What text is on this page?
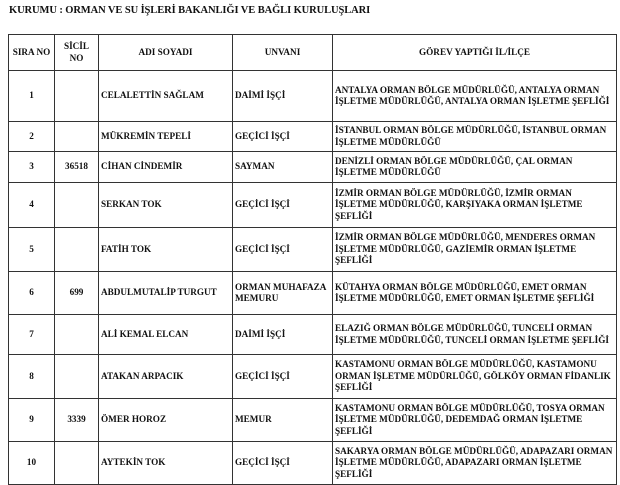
KURUMU : ORMAN VE SU İŞLERİ BAKANLIĞI VE BAĞLI KURULUŞLARI
SIRA NO	SİCİL NO	ADI SOYADI	UNVANI	GÖREV YAPTIĞI İL/İLÇE
1		CELALETTİN SAĞLAM	DAİMİ İŞÇİ	ANTALYA ORMAN BÖLGE MÜDÜRLÜĞÜ, ANTALYA ORMAN İŞLETME MÜDÜRLÜĞÜ, ANTALYA ORMAN İŞLETME ŞEFLİĞİ
2		MÜKREMİN TEPELİ	GEÇİCİ İŞÇİ	İSTANBUL ORMAN BÖLGE MÜDÜRLÜĞÜ, İSTANBUL ORMAN İŞLETME MÜDÜRLÜĞÜ
3	36518	CİHAN CİNDEMİR	SAYMAN	DENİZLİ ORMAN BÖLGE MÜDÜRLÜĞÜ, ÇAL ORMAN İŞLETME MÜDÜRLÜĞÜ
4		SERKAN TOK	GEÇİCİ İŞÇİ	İZMİR ORMAN BÖLGE MÜDÜRLÜĞÜ, İZMİR ORMAN İŞLETME MÜDÜRLÜĞÜ, KARŞIYAKA ORMAN İŞLETME ŞEFLİĞİ
5		FATİH TOK	GEÇİCİ İŞÇİ	İZMİR ORMAN BÖLGE MÜDÜRLÜĞÜ, MENDERES ORMAN İŞLETME MÜDÜRLÜĞÜ, GAZİEMİR ORMAN İŞLETME ŞEFLİĞİ
6	699	ABDULMUTALİP TURGUT	ORMAN MUHAFAZA MEMURU	KÜTAHYA ORMAN BÖLGE MÜDÜRLÜĞÜ, EMET ORMAN İŞLETME MÜDÜRLÜĞÜ, EMET ORMAN İŞLETME ŞEFLİĞİ
7		ALİ KEMAL ELCAN	DAİMİ İŞÇİ	ELAZIĞ ORMAN BÖLGE MÜDÜRLÜĞÜ, TUNCELİ ORMAN İŞLETME MÜDÜRLÜĞÜ, TUNCELİ ORMAN İŞLETME ŞEFLİĞİ
8		ATAKAN ARPACIK	GEÇİCİ İŞÇİ	KASTAMONU ORMAN BÖLGE MÜDÜRLÜĞÜ, KASTAMONU ORMAN İŞLETME MÜDÜRLÜĞÜ, GÖLKÖY ORMAN FİDANLIK ŞEFLİĞİ
9	3339	ÖMER HOROZ	MEMUR	KASTAMONU ORMAN BÖLGE MÜDÜRLÜĞÜ, TOSYA ORMAN İŞLETME MÜDÜRLÜĞÜ, DEDEMDAĞ ORMAN İŞLETME ŞEFLİĞİ
10		AYTEKİN TOK	GEÇİCİ İŞÇİ	SAKARYA ORMAN BÖLGE MÜDÜRLÜĞÜ, ADAPAZARI ORMAN İŞLETME MÜDÜRLÜĞÜ, ADAPAZARI ORMAN İŞLETME ŞEFLİĞİ
